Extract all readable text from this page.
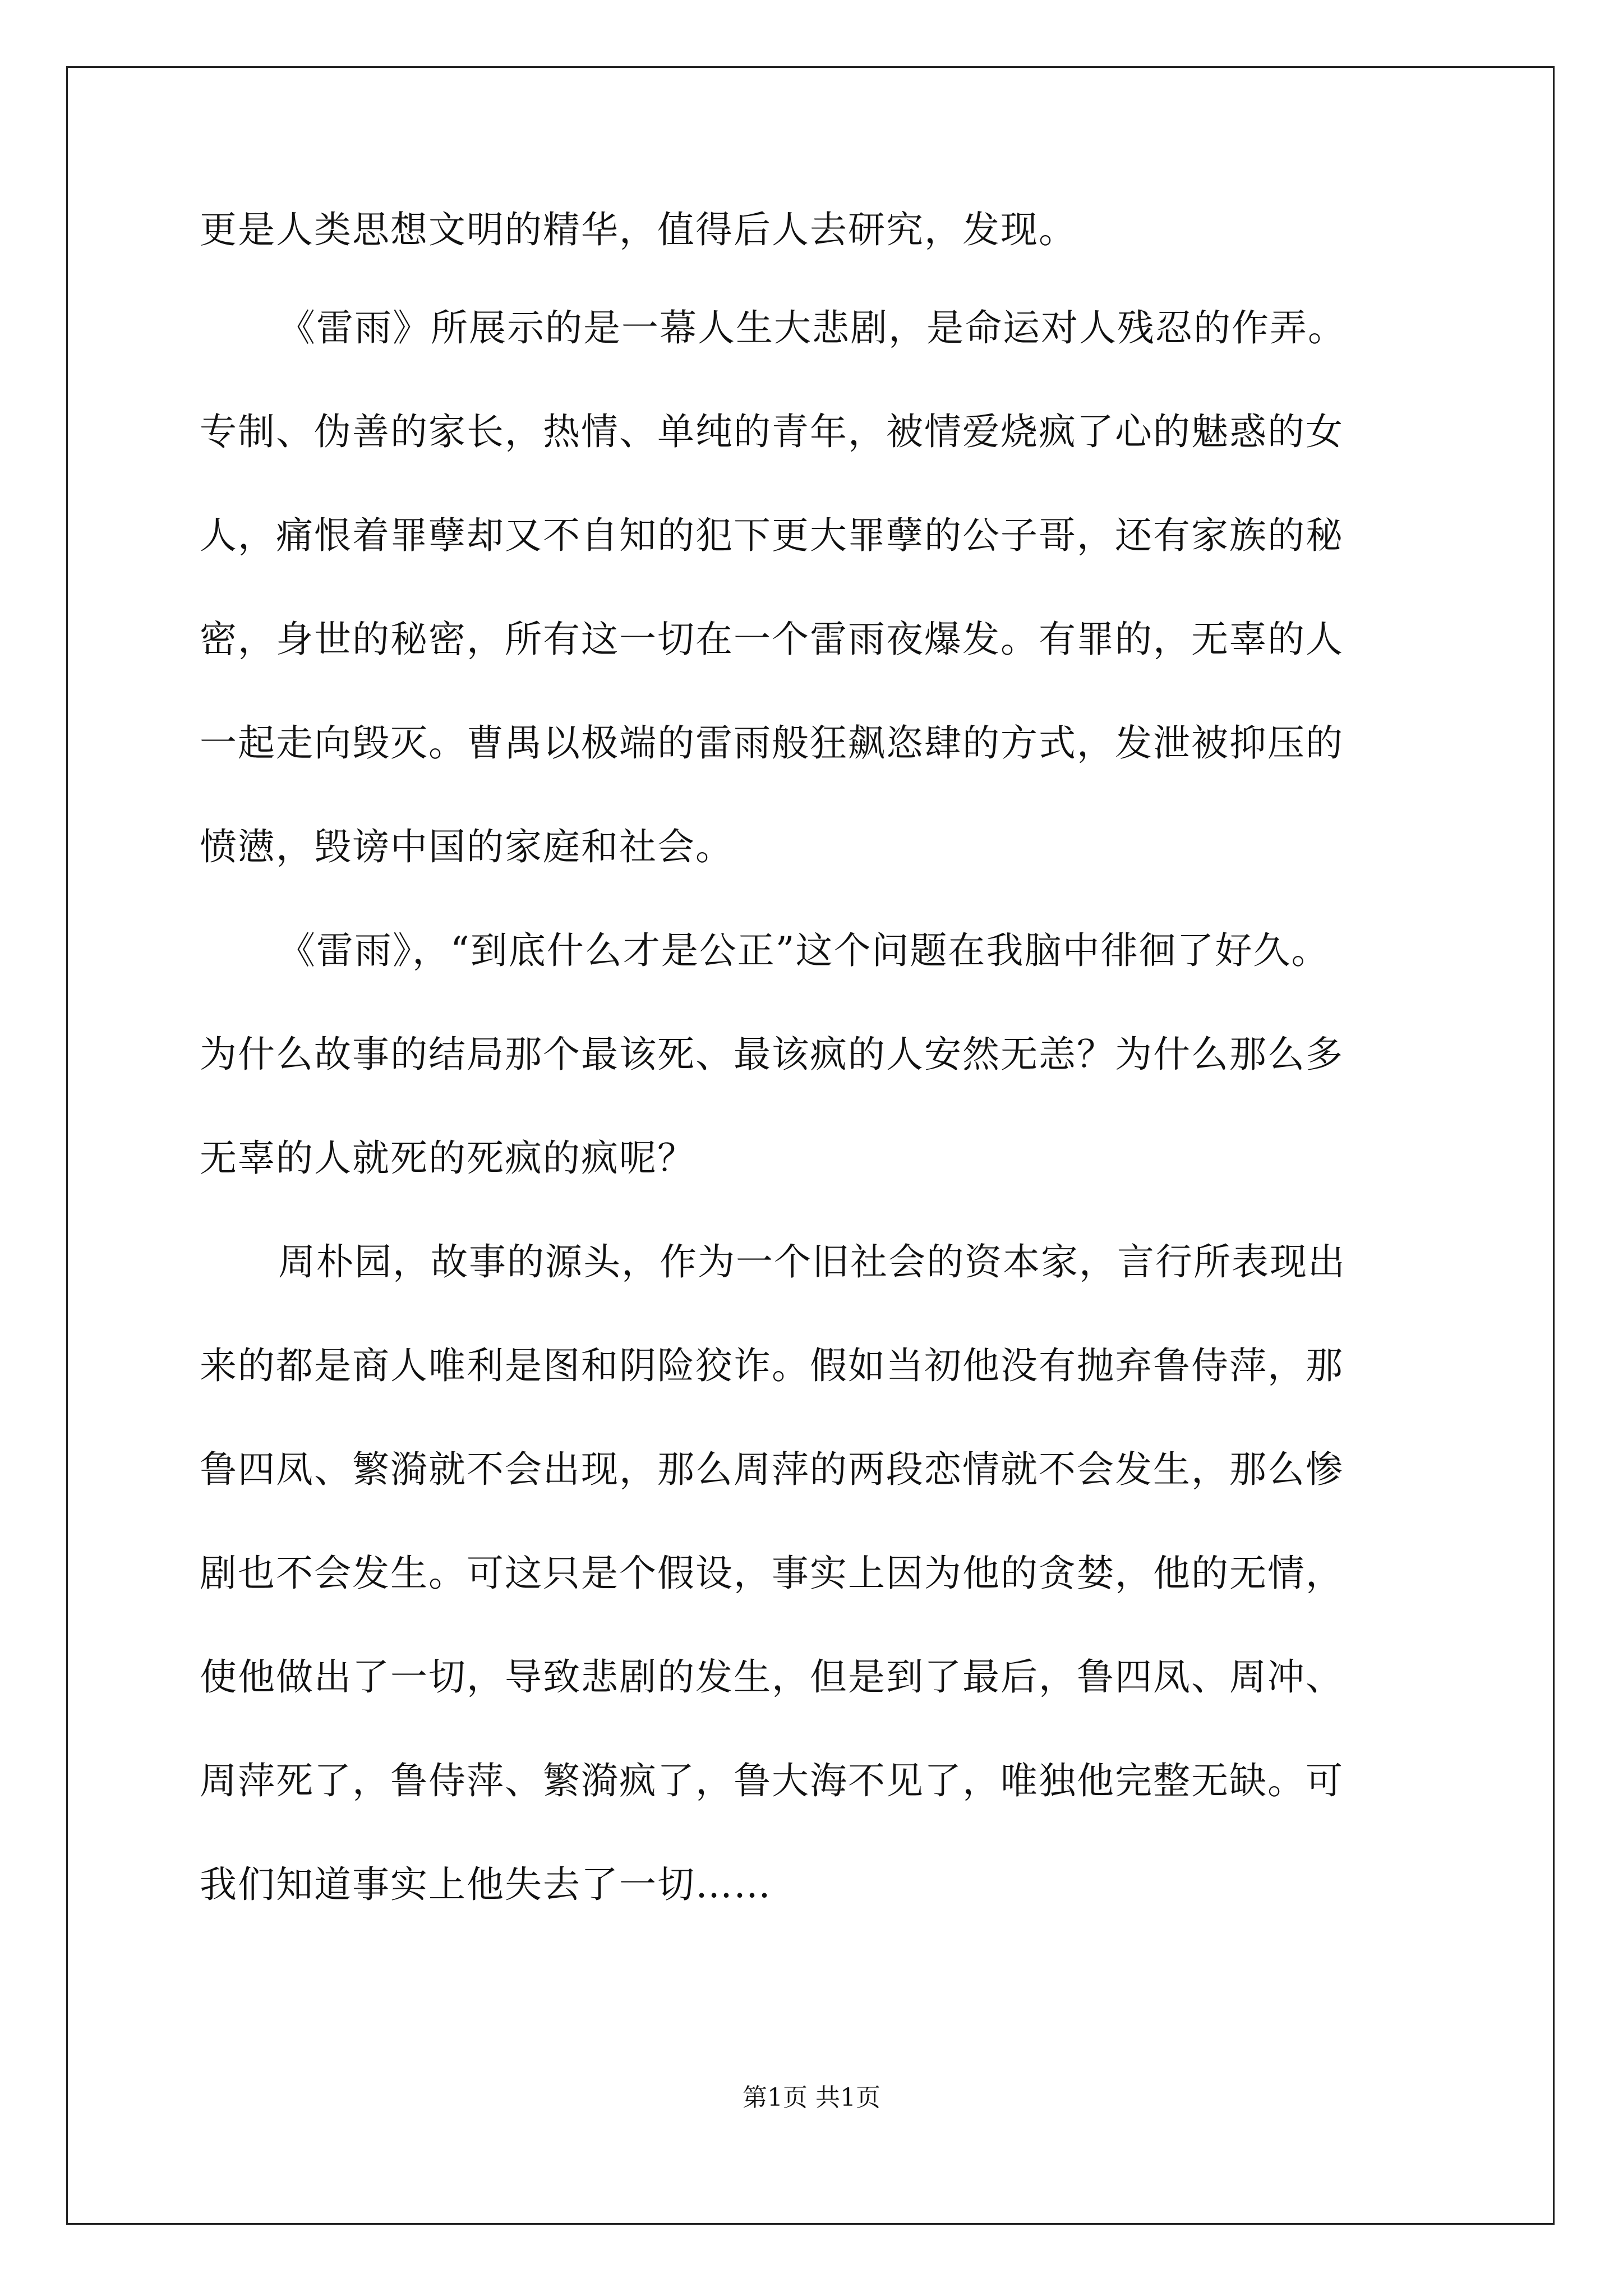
更是人类思想文明的精华，值得后人去研究，发现。
《雷雨》所展示的是一幕人生大悲剧，是命运对人残忍的作弄。
专制、伪善的家长，热情、单纯的青年，被情爱烧疯了心的魅惑的女
人，痛恨着罪孽却又不自知的犯下更大罪孽的公子哥，还有家族的秘
密，身世的秘密，所有这一切在一个雷雨夜爆发。有罪的，无辜的人
一起走向毁灭。曹禺以极端的雷雨般狂飙恣肆的方式，发泄被抑压的
愤懑，毁谤中国的家庭和社会。
《雷雨》，“到底什么才是公正”这个问题在我脑中徘徊了好久。
为什么故事的结局那个最该死、最该疯的人安然无恙？为什么那么多
无辜的人就死的死疯的疯呢？
周朴园，故事的源头，作为一个旧社会的资本家，言行所表现出
来的都是商人唯利是图和阴险狡诈。假如当初他没有抛弃鲁侍萍，那
鲁四凤、繁漪就不会出现，那么周萍的两段恋情就不会发生，那么惨
剧也不会发生。可这只是个假设，事实上因为他的贪婪，他的无情，
使他做出了一切，导致悲剧的发生，但是到了最后，鲁四凤、周冲、
周萍死了，鲁侍萍、繁漪疯了，鲁大海不见了，唯独他完整无缺。可
我们知道事实上他失去了一切……
第1页 共1页
